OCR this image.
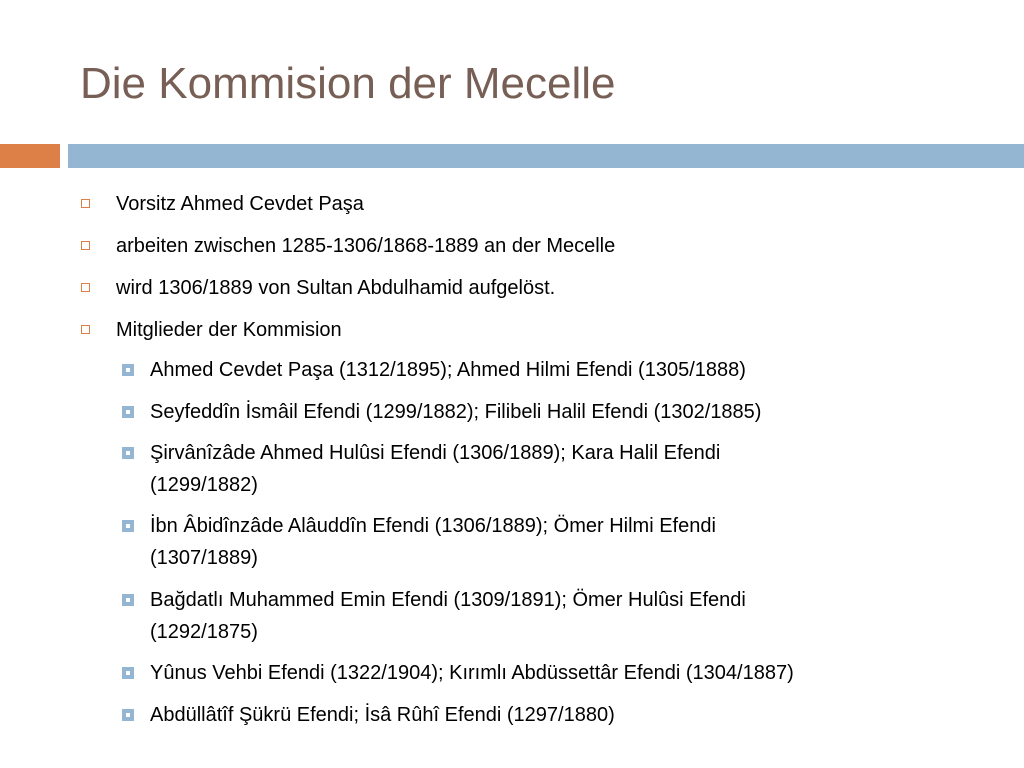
Die Kommision der Mecelle
Vorsitz Ahmed Cevdet Paşa
arbeiten zwischen 1285-1306/1868-1889 an der Mecelle
wird 1306/1889 von Sultan Abdulhamid aufgelöst.
Mitglieder der Kommision
Ahmed Cevdet Paşa (1312/1895); Ahmed Hilmi Efendi (1305/1888)
Seyfeddîn İsmâil Efendi (1299/1882); Filibeli Halil Efendi (1302/1885)
Şirvânîzâde Ahmed Hulûsi Efendi (1306/1889); Kara Halil Efendi
(1299/1882)
İbn Âbidînzâde Alâuddîn Efendi (1306/1889); Ömer Hilmi Efendi
(1307/1889)
Bağdatlı Muhammed Emin Efendi (1309/1891); Ömer Hulûsi Efendi
(1292/1875)
Yûnus Vehbi Efendi (1322/1904); Kırımlı Abdüssettâr Efendi (1304/1887)
Abdüllâtîf Şükrü Efendi; İsâ Rûhî Efendi (1297/1880)
